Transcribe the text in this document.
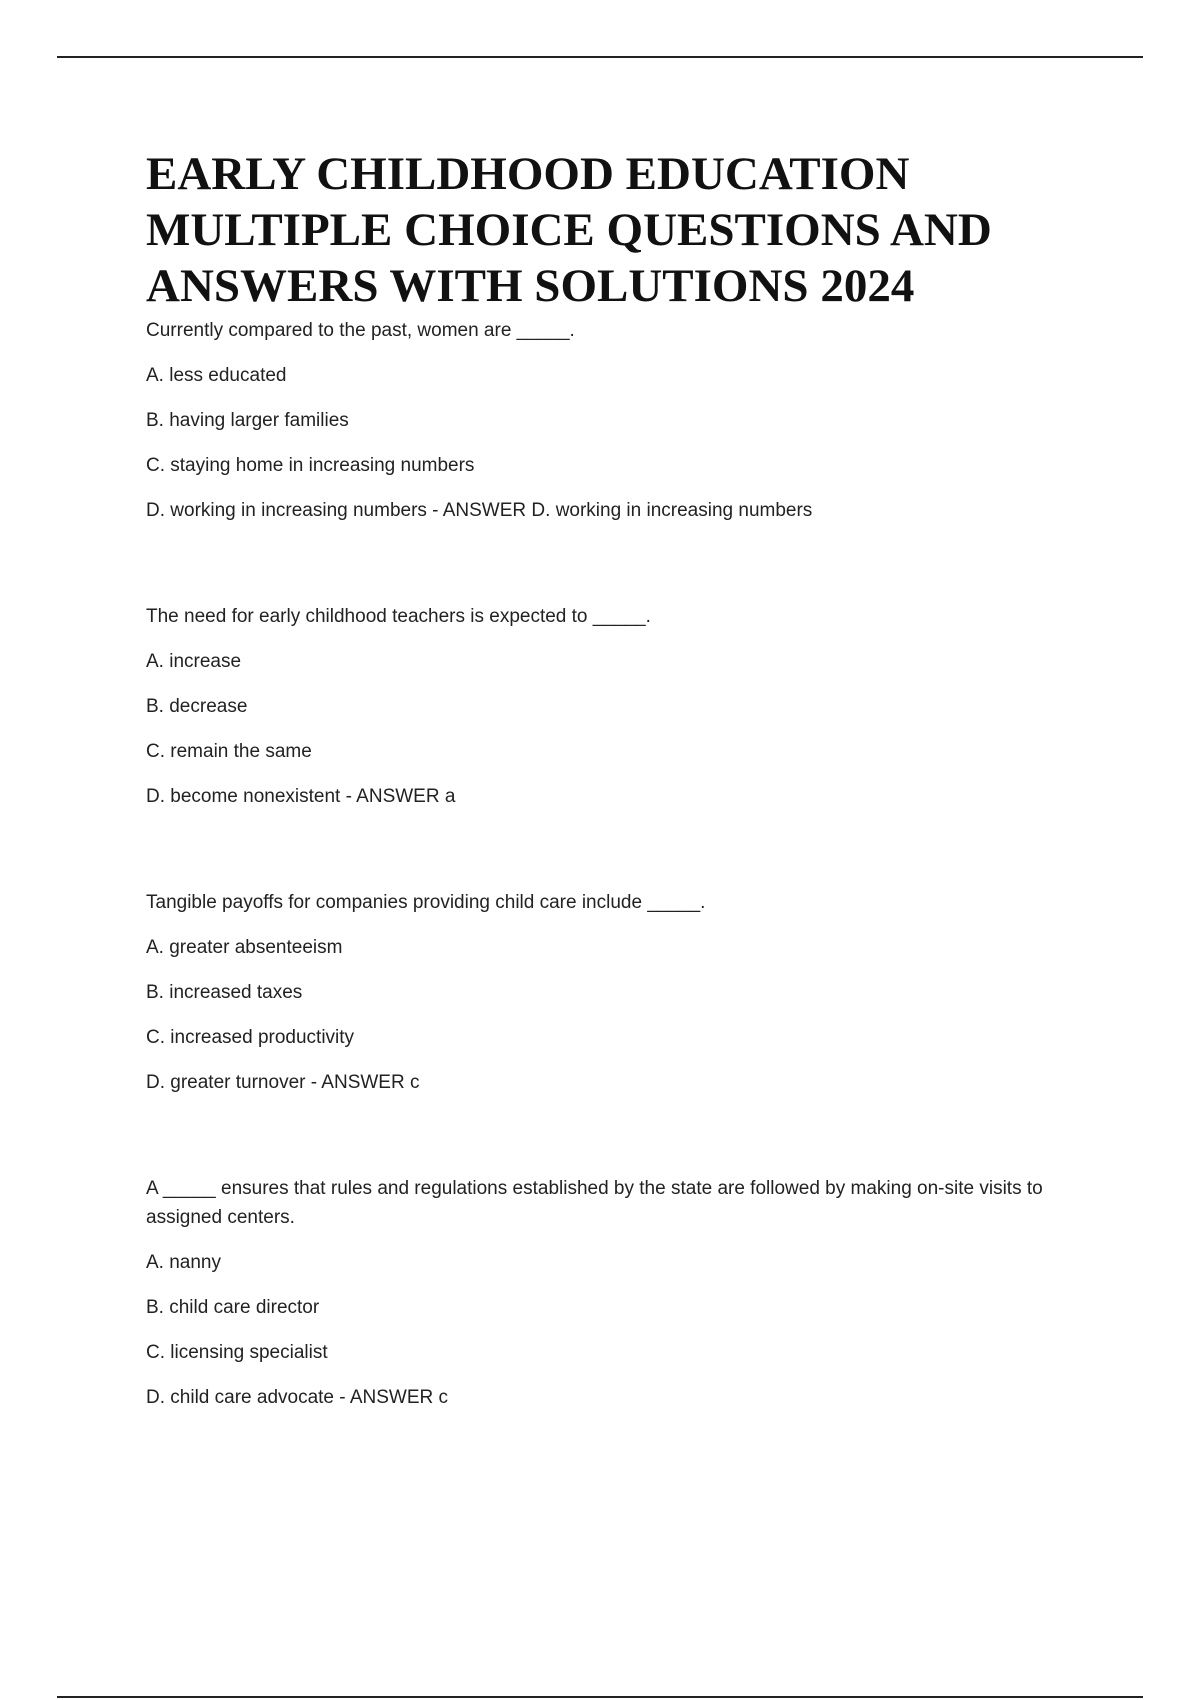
EARLY CHILDHOOD EDUCATION MULTIPLE CHOICE QUESTIONS AND ANSWERS WITH SOLUTIONS 2024

Currently compared to the past, women are _____.

A. less educated
B. having larger families
C. staying home in increasing numbers
D. working in increasing numbers - ANSWER D. working in increasing numbers

The need for early childhood teachers is expected to _____.

A. increase
B. decrease
C. remain the same
D. become nonexistent - ANSWER a

Tangible payoffs for companies providing child care include _____.

A. greater absenteeism
B. increased taxes
C. increased productivity
D. greater turnover - ANSWER c

A _____ ensures that rules and regulations established by the state are followed by making on-site visits to assigned centers.

A. nanny
B. child care director
C. licensing specialist
D. child care advocate - ANSWER c
